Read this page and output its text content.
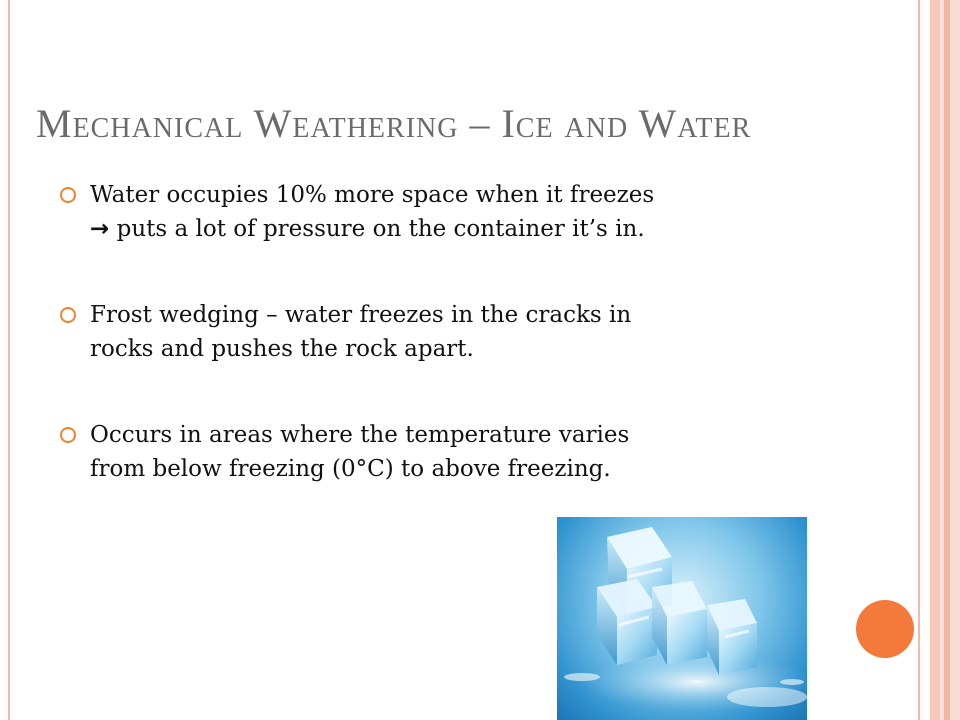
Mechanical Weathering – Ice and Water
Water occupies 10% more space when it freezes
→ puts a lot of pressure on the container it’s in.
Frost wedging – water freezes in the cracks in
rocks and pushes the rock apart.
Occurs in areas where the temperature varies
from below freezing (0°C) to above freezing.
